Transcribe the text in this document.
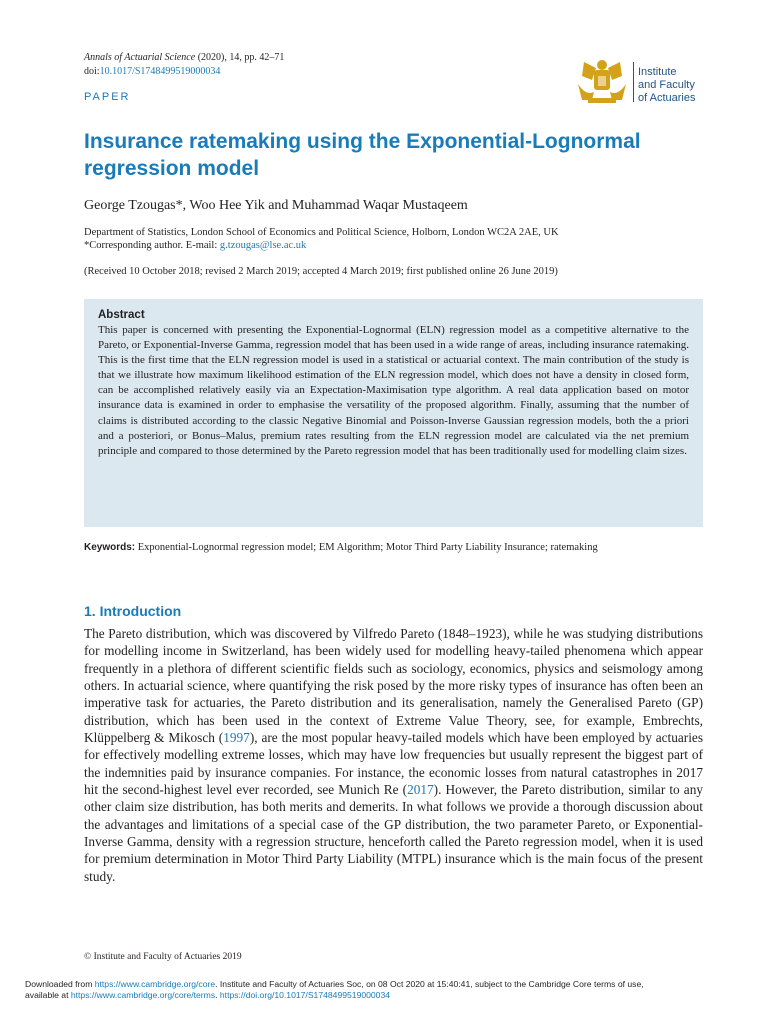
Annals of Actuarial Science (2020), 14, pp. 42–71
doi:10.1017/S1748499519000034
PAPER
Institute
and Faculty
of Actuaries
Insurance ratemaking using the Exponential-Lognormal regression model
George Tzougas*, Woo Hee Yik and Muhammad Waqar Mustaqeem
Department of Statistics, London School of Economics and Political Science, Holborn, London WC2A 2AE, UK
*Corresponding author. E-mail: g.tzougas@lse.ac.uk
(Received 10 October 2018; revised 2 March 2019; accepted 4 March 2019; first published online 26 June 2019)
Abstract
This paper is concerned with presenting the Exponential-Lognormal (ELN) regression model as a competitive alternative to the Pareto, or Exponential-Inverse Gamma, regression model that has been used in a wide range of areas, including insurance ratemaking. This is the first time that the ELN regression model is used in a statistical or actuarial context. The main contribution of the study is that we illustrate how maximum likelihood estimation of the ELN regression model, which does not have a density in closed form, can be accomplished relatively easily via an Expectation-Maximisation type algorithm. A real data application based on motor insurance data is examined in order to emphasise the versatility of the proposed algorithm. Finally, assuming that the number of claims is distributed according to the classic Negative Binomial and Poisson-Inverse Gaussian regression models, both the a priori and a posteriori, or Bonus–Malus, premium rates resulting from the ELN regression model are calculated via the net premium principle and compared to those determined by the Pareto regression model that has been traditionally used for modelling claim sizes.
Keywords: Exponential-Lognormal regression model; EM Algorithm; Motor Third Party Liability Insurance; ratemaking
1. Introduction
The Pareto distribution, which was discovered by Vilfredo Pareto (1848–1923), while he was studying distributions for modelling income in Switzerland, has been widely used for modelling heavy-tailed phenomena which appear frequently in a plethora of different scientific fields such as sociology, economics, physics and seismology among others. In actuarial science, where quantifying the risk posed by the more risky types of insurance has often been an imperative task for actuaries, the Pareto distribution and its generalisation, namely the Generalised Pareto (GP) distribution, which has been used in the context of Extreme Value Theory, see, for example, Embrechts, Klüppelberg & Mikosch (1997), are the most popular heavy-tailed models which have been employed by actuaries for effectively modelling extreme losses, which may have low frequencies but usually represent the biggest part of the indemnities paid by insurance companies. For instance, the economic losses from natural catastrophes in 2017 hit the second-highest level ever recorded, see Munich Re (2017). However, the Pareto distribution, similar to any other claim size distribution, has both merits and demerits. In what follows we provide a thorough discussion about the advantages and limitations of a special case of the GP distribution, the two parameter Pareto, or Exponential-Inverse Gamma, density with a regression structure, henceforth called the Pareto regression model, when it is used for premium determination in Motor Third Party Liability (MTPL) insurance which is the main focus of the present study.
© Institute and Faculty of Actuaries 2019
Downloaded from https://www.cambridge.org/core. Institute and Faculty of Actuaries Soc, on 08 Oct 2020 at 15:40:41, subject to the Cambridge Core terms of use,
available at https://www.cambridge.org/core/terms. https://doi.org/10.1017/S1748499519000034
